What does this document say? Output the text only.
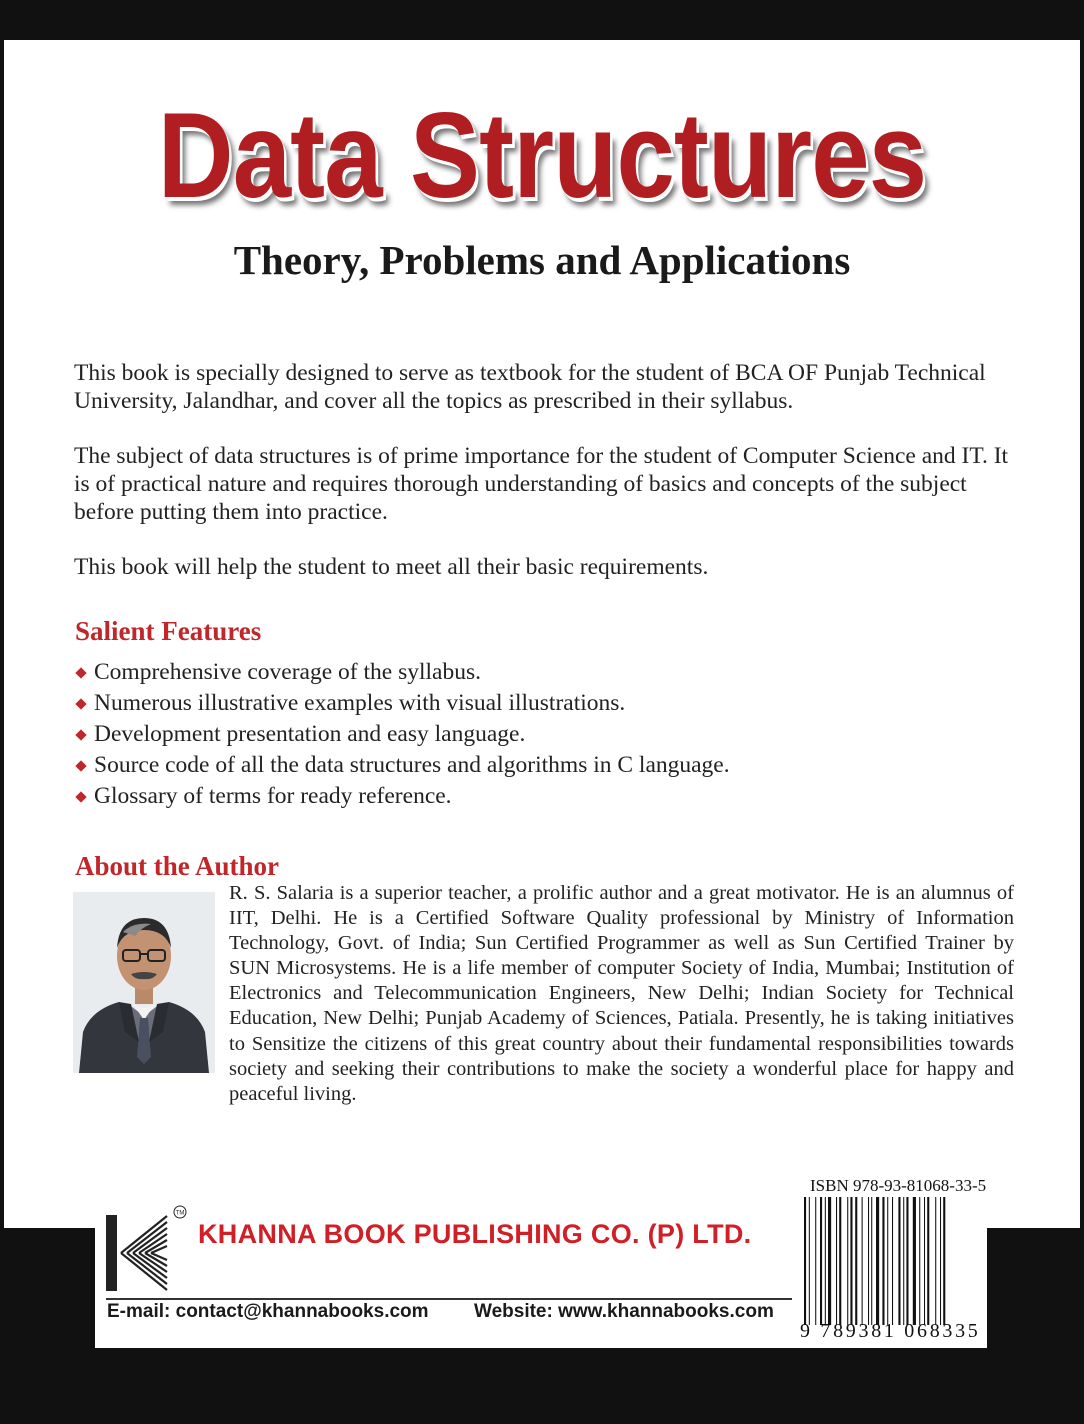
Data Structures
Theory, Problems and Applications

This book is specially designed to serve as textbook for the student of BCA OF Punjab Technical University, Jalandhar, and cover all the topics as prescribed in their syllabus.

The subject of data structures is of prime importance for the student of Computer Science and IT. It is of practical nature and requires thorough understanding of basics and concepts of the subject before putting them into practice.

This book will help the student to meet all their basic requirements.

Salient Features
Comprehensive coverage of the syllabus.
Numerous illustrative examples with visual illustrations.
Development presentation and easy language.
Source code of all the data structures and algorithms in C language.
Glossary of terms for ready reference.
About the Author

R. S. Salaria is a superior teacher, a prolific author and a great motivator. He is an alumnus of IIT, Delhi. He is a Certified Software Quality professional by Ministry of Information Technology, Govt. of India; Sun Certified Programmer as well as Sun Certified Trainer by SUN Microsystems. He is a life member of computer Society of India, Mumbai; Institution of Electronics and Telecommunication Engineers, New Delhi; Indian Society for Technical Education, New Delhi; Punjab Academy of Sciences, Patiala. Presently, he is taking initiatives to Sensitize the citizens of this great country about their fundamental responsibilities towards society and seeking their contributions to make the society a wonderful place for happy and peaceful living.

TM
KHANNA BOOK PUBLISHING CO. (P) LTD.
E-mail: contact@khannabooks.com Website: www.khannabooks.com
ISBN 978-93-81068-33-5
9 789381 068335
